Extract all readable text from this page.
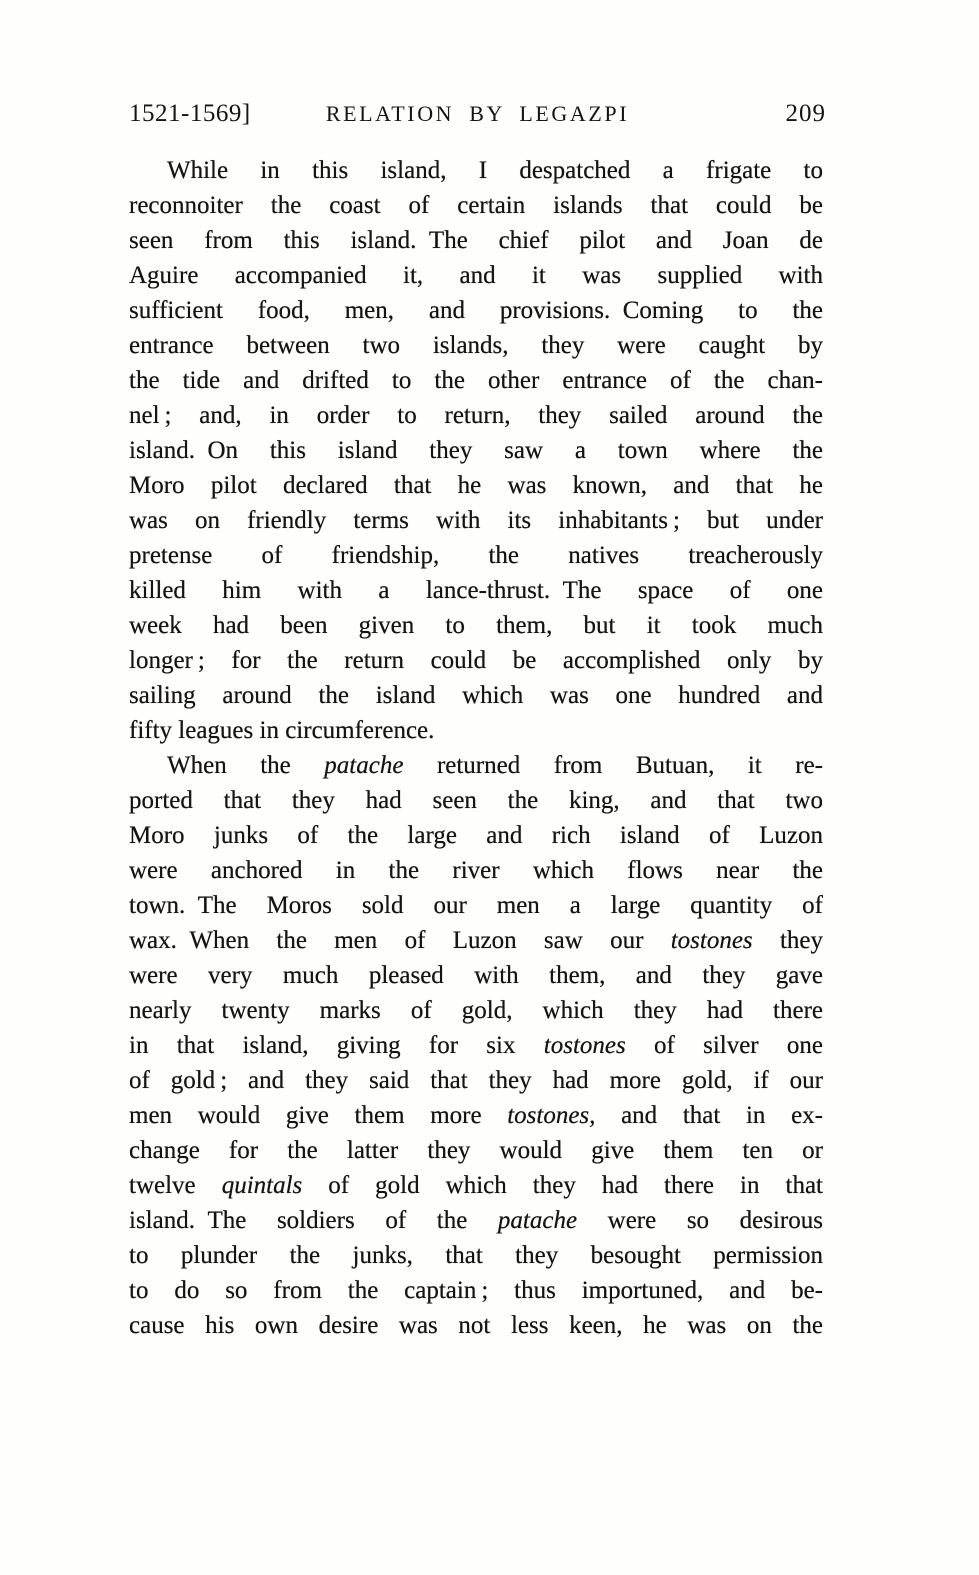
1521-1569]	RELATION BY LEGAZPI	209
While in this island, I despatched a frigate to
reconnoiter the coast of certain islands that could be
seen from this island. The chief pilot and Joan de
Aguire accompanied it, and it was supplied with
sufficient food, men, and provisions. Coming to the
entrance between two islands, they were caught by
the tide and drifted to the other entrance of the chan-
nel ; and, in order to return, they sailed around the
island. On this island they saw a town where the
Moro pilot declared that he was known, and that he
was on friendly terms with its inhabitants ; but under
pretense of friendship, the natives treacherously
killed him with a lance-thrust. The space of one
week had been given to them, but it took much
longer ; for the return could be accomplished only by
sailing around the island which was one hundred and
fifty leagues in circumference.
When the patache returned from Butuan, it re-
ported that they had seen the king, and that two
Moro junks of the large and rich island of Luzon
were anchored in the river which flows near the
town. The Moros sold our men a large quantity of
wax. When the men of Luzon saw our tostones they
were very much pleased with them, and they gave
nearly twenty marks of gold, which they had there
in that island, giving for six tostones of silver one
of gold ; and they said that they had more gold, if our
men would give them more tostones, and that in ex-
change for the latter they would give them ten or
twelve quintals of gold which they had there in that
island. The soldiers of the patache were so desirous
to plunder the junks, that they besought permission
to do so from the captain ; thus importuned, and be-
cause his own desire was not less keen, he was on the
